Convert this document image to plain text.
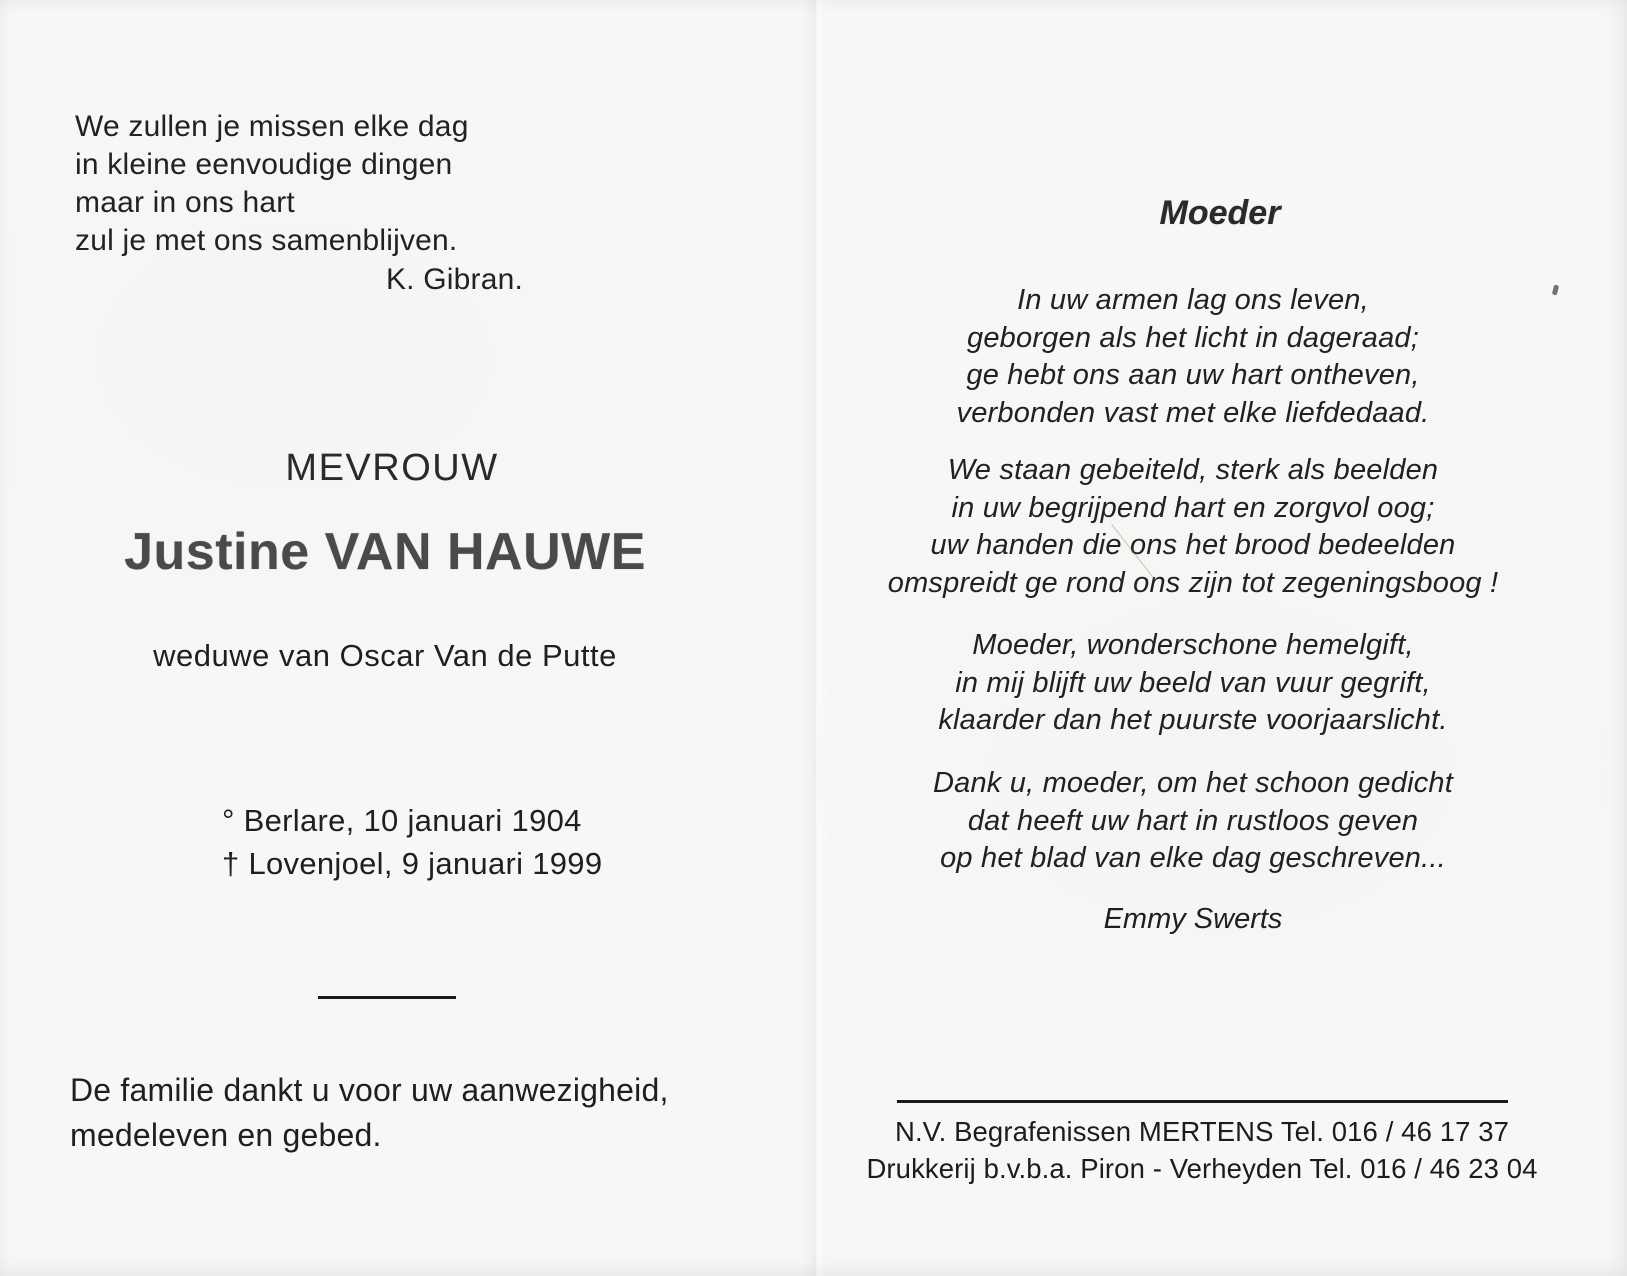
We zullen je missen elke dag
in kleine eenvoudige dingen
maar in ons hart
zul je met ons samenblijven.
K. Gibran.
MEVROUW
Justine VAN HAUWE
weduwe van Oscar Van de Putte
° Berlare, 10 januari 1904
† Lovenjoel, 9 januari 1999
De familie dankt u voor uw aanwezigheid,
medeleven en gebed.
Moeder
In uw armen lag ons leven,
geborgen als het licht in dageraad;
ge hebt ons aan uw hart ontheven,
verbonden vast met elke liefdedaad.
We staan gebeiteld, sterk als beelden
in uw begrijpend hart en zorgvol oog;
uw handen die ons het brood bedeelden
omspreidt ge rond ons zijn tot zegeningsboog !
Moeder, wonderschone hemelgift,
in mij blijft uw beeld van vuur gegrift,
klaarder dan het puurste voorjaarslicht.
Dank u, moeder, om het schoon gedicht
dat heeft uw hart in rustloos geven
op het blad van elke dag geschreven...
Emmy Swerts
N.V. Begrafenissen MERTENS Tel. 016 / 46 17 37
Drukkerij b.v.b.a. Piron - Verheyden Tel. 016 / 46 23 04
